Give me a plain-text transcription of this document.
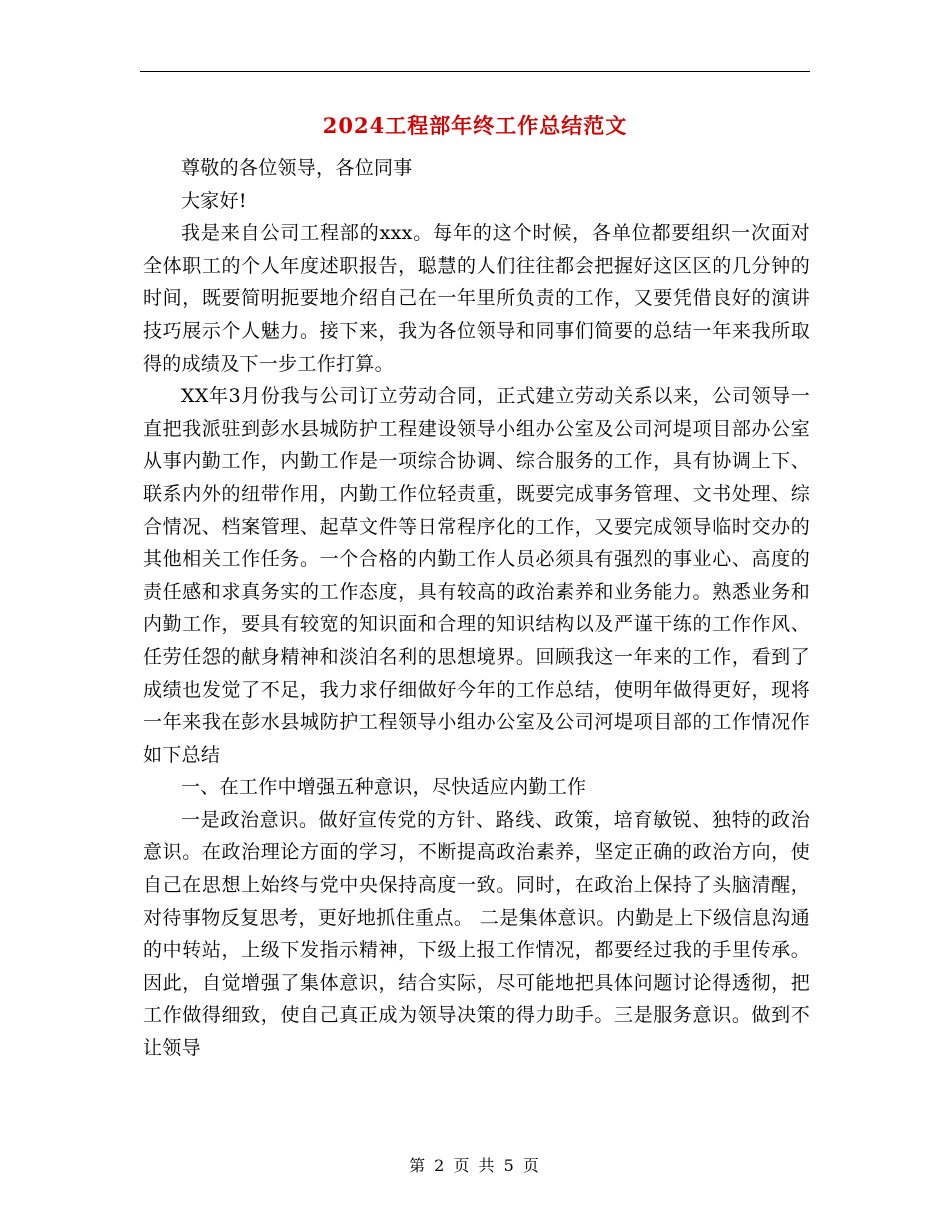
2024工程部年终工作总结范文

尊敬的各位领导，各位同事

大家好!

我是来自公司工程部的xxx。每年的这个时候，各单位都要组织一次面对全体职工的个人年度述职报告，聪慧的人们往往都会把握好这区区的几分钟的时间，既要简明扼要地介绍自己在一年里所负责的工作，又要凭借良好的演讲技巧展示个人魅力。接下来，我为各位领导和同事们简要的总结一年来我所取得的成绩及下一步工作打算。

XX年3月份我与公司订立劳动合同，正式建立劳动关系以来，公司领导一直把我派驻到彭水县城防护工程建设领导小组办公室及公司河堤项目部办公室从事内勤工作，内勤工作是一项综合协调、综合服务的工作，具有协调上下、联系内外的纽带作用，内勤工作位轻责重，既要完成事务管理、文书处理、综合情况、档案管理、起草文件等日常程序化的工作，又要完成领导临时交办的其他相关工作任务。一个合格的内勤工作人员必须具有强烈的事业心、高度的责任感和求真务实的工作态度，具有较高的政治素养和业务能力。熟悉业务和内勤工作，要具有较宽的知识面和合理的知识结构以及严谨干练的工作作风、任劳任怨的献身精神和淡泊名利的思想境界。回顾我这一年来的工作，看到了成绩也发觉了不足，我力求仔细做好今年的工作总结，使明年做得更好，现将一年来我在彭水县城防护工程领导小组办公室及公司河堤项目部的工作情况作如下总结

一、在工作中增强五种意识，尽快适应内勤工作

一是政治意识。做好宣传党的方针、路线、政策，培育敏锐、独特的政治意识。在政治理论方面的学习，不断提高政治素养，坚定正确的政治方向，使自己在思想上始终与党中央保持高度一致。同时，在政治上保持了头脑清醒，对待事物反复思考，更好地抓住重点。 二是集体意识。内勤是上下级信息沟通的中转站，上级下发指示精神，下级上报工作情况，都要经过我的手里传承。因此，自觉增强了集体意识，结合实际，尽可能地把具体问题讨论得透彻，把工作做得细致，使自己真正成为领导决策的得力助手。三是服务意识。做到不让领导

第 2 页 共 5 页
